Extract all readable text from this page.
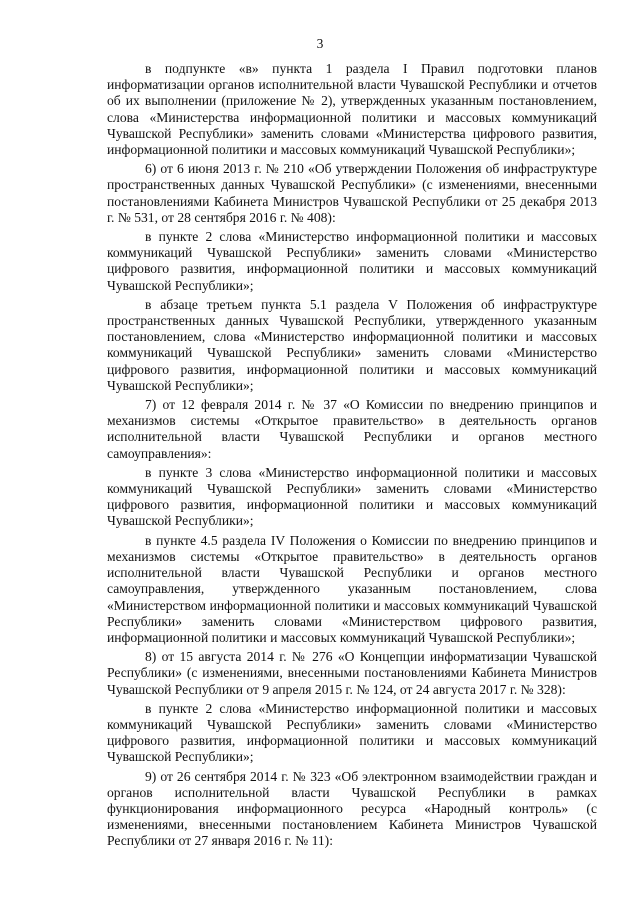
3

в подпункте «в» пункта 1 раздела I Правил подготовки планов информатизации органов исполнительной власти Чувашской Республики и отчетов об их выполнении (приложение № 2), утвержденных указанным постановлением, слова «Министерства информационной политики и массовых коммуникаций Чувашской Республики» заменить словами «Министерства цифрового развития, информационной политики и массовых коммуникаций Чувашской Республики»;

6) от 6 июня 2013 г. № 210 «Об утверждении Положения об инфраструктуре пространственных данных Чувашской Республики» (с изменениями, внесенными постановлениями Кабинета Министров Чувашской Республики от 25 декабря 2013 г. № 531, от 28 сентября 2016 г. № 408):

в пункте 2 слова «Министерство информационной политики и массовых коммуникаций Чувашской Республики» заменить словами «Министерство цифрового развития, информационной политики и массовых коммуникаций Чувашской Республики»;

в абзаце третьем пункта 5.1 раздела V Положения об инфраструктуре пространственных данных Чувашской Республики, утвержденного указанным постановлением, слова «Министерство информационной политики и массовых коммуникаций Чувашской Республики» заменить словами «Министерство цифрового развития, информационной политики и массовых коммуникаций Чувашской Республики»;

7) от 12 февраля 2014 г. № 37 «О Комиссии по внедрению принципов и механизмов системы «Открытое правительство» в деятельность органов исполнительной власти Чувашской Республики и органов местного самоуправления»:

в пункте 3 слова «Министерство информационной политики и массовых коммуникаций Чувашской Республики» заменить словами «Министерство цифрового развития, информационной политики и массовых коммуникаций Чувашской Республики»;

в пункте 4.5 раздела IV Положения о Комиссии по внедрению принципов и механизмов системы «Открытое правительство» в деятельность органов исполнительной власти Чувашской Республики и органов местного самоуправления, утвержденного указанным постановлением, слова «Министерством информационной политики и массовых коммуникаций Чувашской Республики» заменить словами «Министерством цифрового развития, информационной политики и массовых коммуникаций Чувашской Республики»;

8) от 15 августа 2014 г. № 276 «О Концепции информатизации Чувашской Республики» (с изменениями, внесенными постановлениями Кабинета Министров Чувашской Республики от 9 апреля 2015 г. № 124, от 24 августа 2017 г. № 328):

в пункте 2 слова «Министерство информационной политики и массовых коммуникаций Чувашской Республики» заменить словами «Министерство цифрового развития, информационной политики и массовых коммуникаций Чувашской Республики»;

9) от 26 сентября 2014 г. № 323 «Об электронном взаимодействии граждан и органов исполнительной власти Чувашской Республики в рамках функционирования информационного ресурса «Народный контроль» (с изменениями, внесенными постановлением Кабинета Министров Чувашской Республики от 27 января 2016 г. № 11):
